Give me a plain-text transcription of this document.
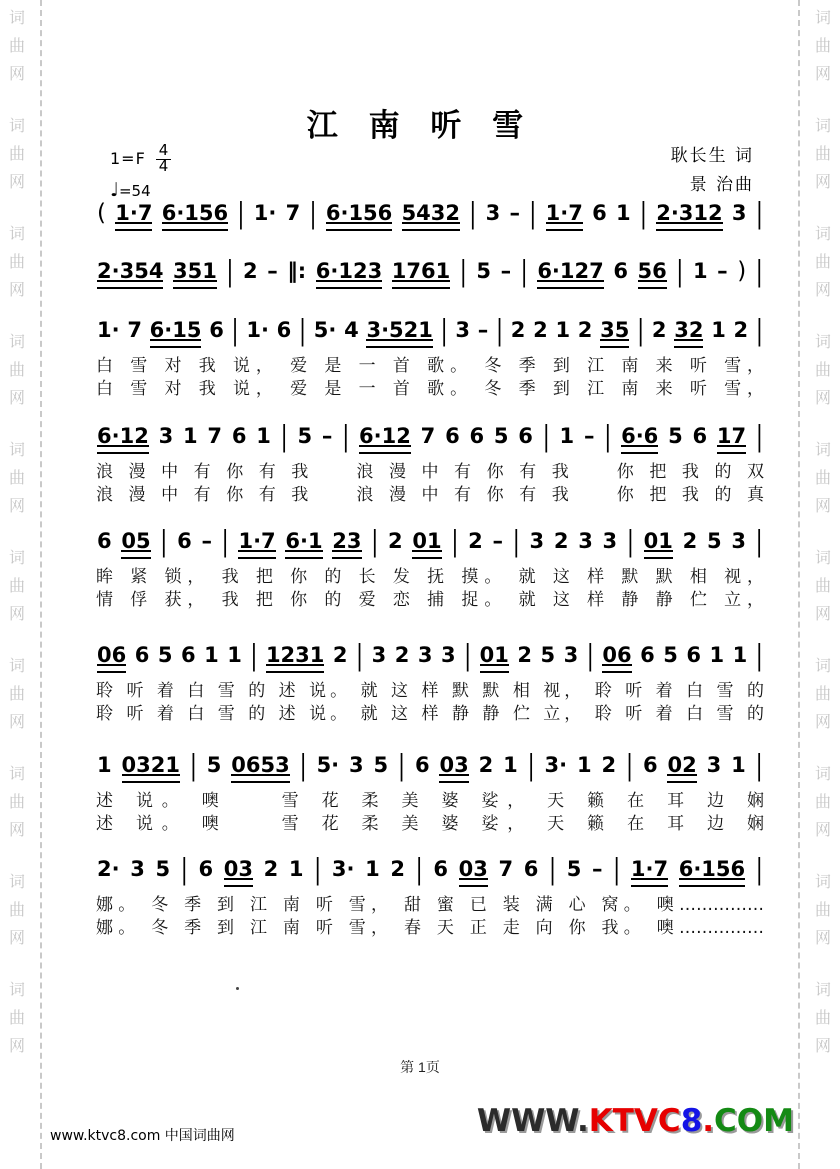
词
曲
网
词
曲
网
词
曲
网
词
曲
网
词
曲
网
词
曲
网
词
曲
网
词
曲
网
词
曲
网
词
曲
网
词
曲
网
词
曲
网
词
曲
网
词
曲
网
词
曲
网
词
曲
网
词
曲
网
词
曲
网
词
曲
网
词
曲
网
江 南 听 雪
$1=F \frac{4}{4}$
♩=54
耿长生 词
景 治曲
( 1·7 6·156 | 1· 7 | 6·156 5432 | 3 – | 1·7 6 1 | 2·312 3 |
2·354 351 | 2 – ‖: 6·123 1761 | 5 – | 6·127 6 56 | 1 – ) |
1· 7 6·15 6 | 1· 6 | 5· 4 3·521 | 3 – | 2 2 1 2 35 | 2 32 1 2 |
白 雪 对 我 说， 爱 是 一 首 歌。 冬 季 到 江 南 来 听 雪，
白 雪 对 我 说， 爱 是 一 首 歌。 冬 季 到 江 南 来 听 雪，
6·12 3 1 7 6 1 | 5 – | 6·12 7 6 6 5 6 | 1 – | 6·6 5 6 17 |
浪 漫 中 有 你 有 我 　 浪 漫 中 有 你 有 我 　 你 把 我 的 双
浪 漫 中 有 你 有 我 　 浪 漫 中 有 你 有 我 　 你 把 我 的 真
6 05 | 6 – | 1·7 6·1 23 | 2 01 | 2 – | 3 2 3 3 | 01 2 5 3 |
眸 紧 锁， 我 把 你 的 长 发 抚 摸。 就 这 样 默 默 相 视，
情 俘 获， 我 把 你 的 爱 恋 捕 捉。 就 这 样 静 静 伫 立，
06 6 5 6 1 1 | 1231 2 | 3 2 3 3 | 01 2 5 3 | 06 6 5 6 1 1 |
聆 听 着 白 雪 的 述 说。 就 这 样 默 默 相 视， 聆 听 着 白 雪 的
聆 听 着 白 雪 的 述 说。 就 这 样 静 静 伫 立， 聆 听 着 白 雪 的
1 0321 | 5 0653 | 5· 3 5 | 6 03 2 1 | 3· 1 2 | 6 02 3 1 |
述 说。 噢 　 雪 花 柔 美 婆 娑， 天 籁 在 耳 边 娴
述 说。 噢 　 雪 花 柔 美 婆 娑， 天 籁 在 耳 边 娴
2· 3 5 | 6 03 2 1 | 3· 1 2 | 6 03 7 6 | 5 – | 1·7 6·156 |
娜。 冬 季 到 江 南 听 雪， 甜 蜜 已 装 满 心 窝。 噢……………
娜。 冬 季 到 江 南 听 雪， 春 天 正 走 向 你 我。 噢……………
第 1页
www.ktvc8.com 中国词曲网	WWW.KTVC8.COM
